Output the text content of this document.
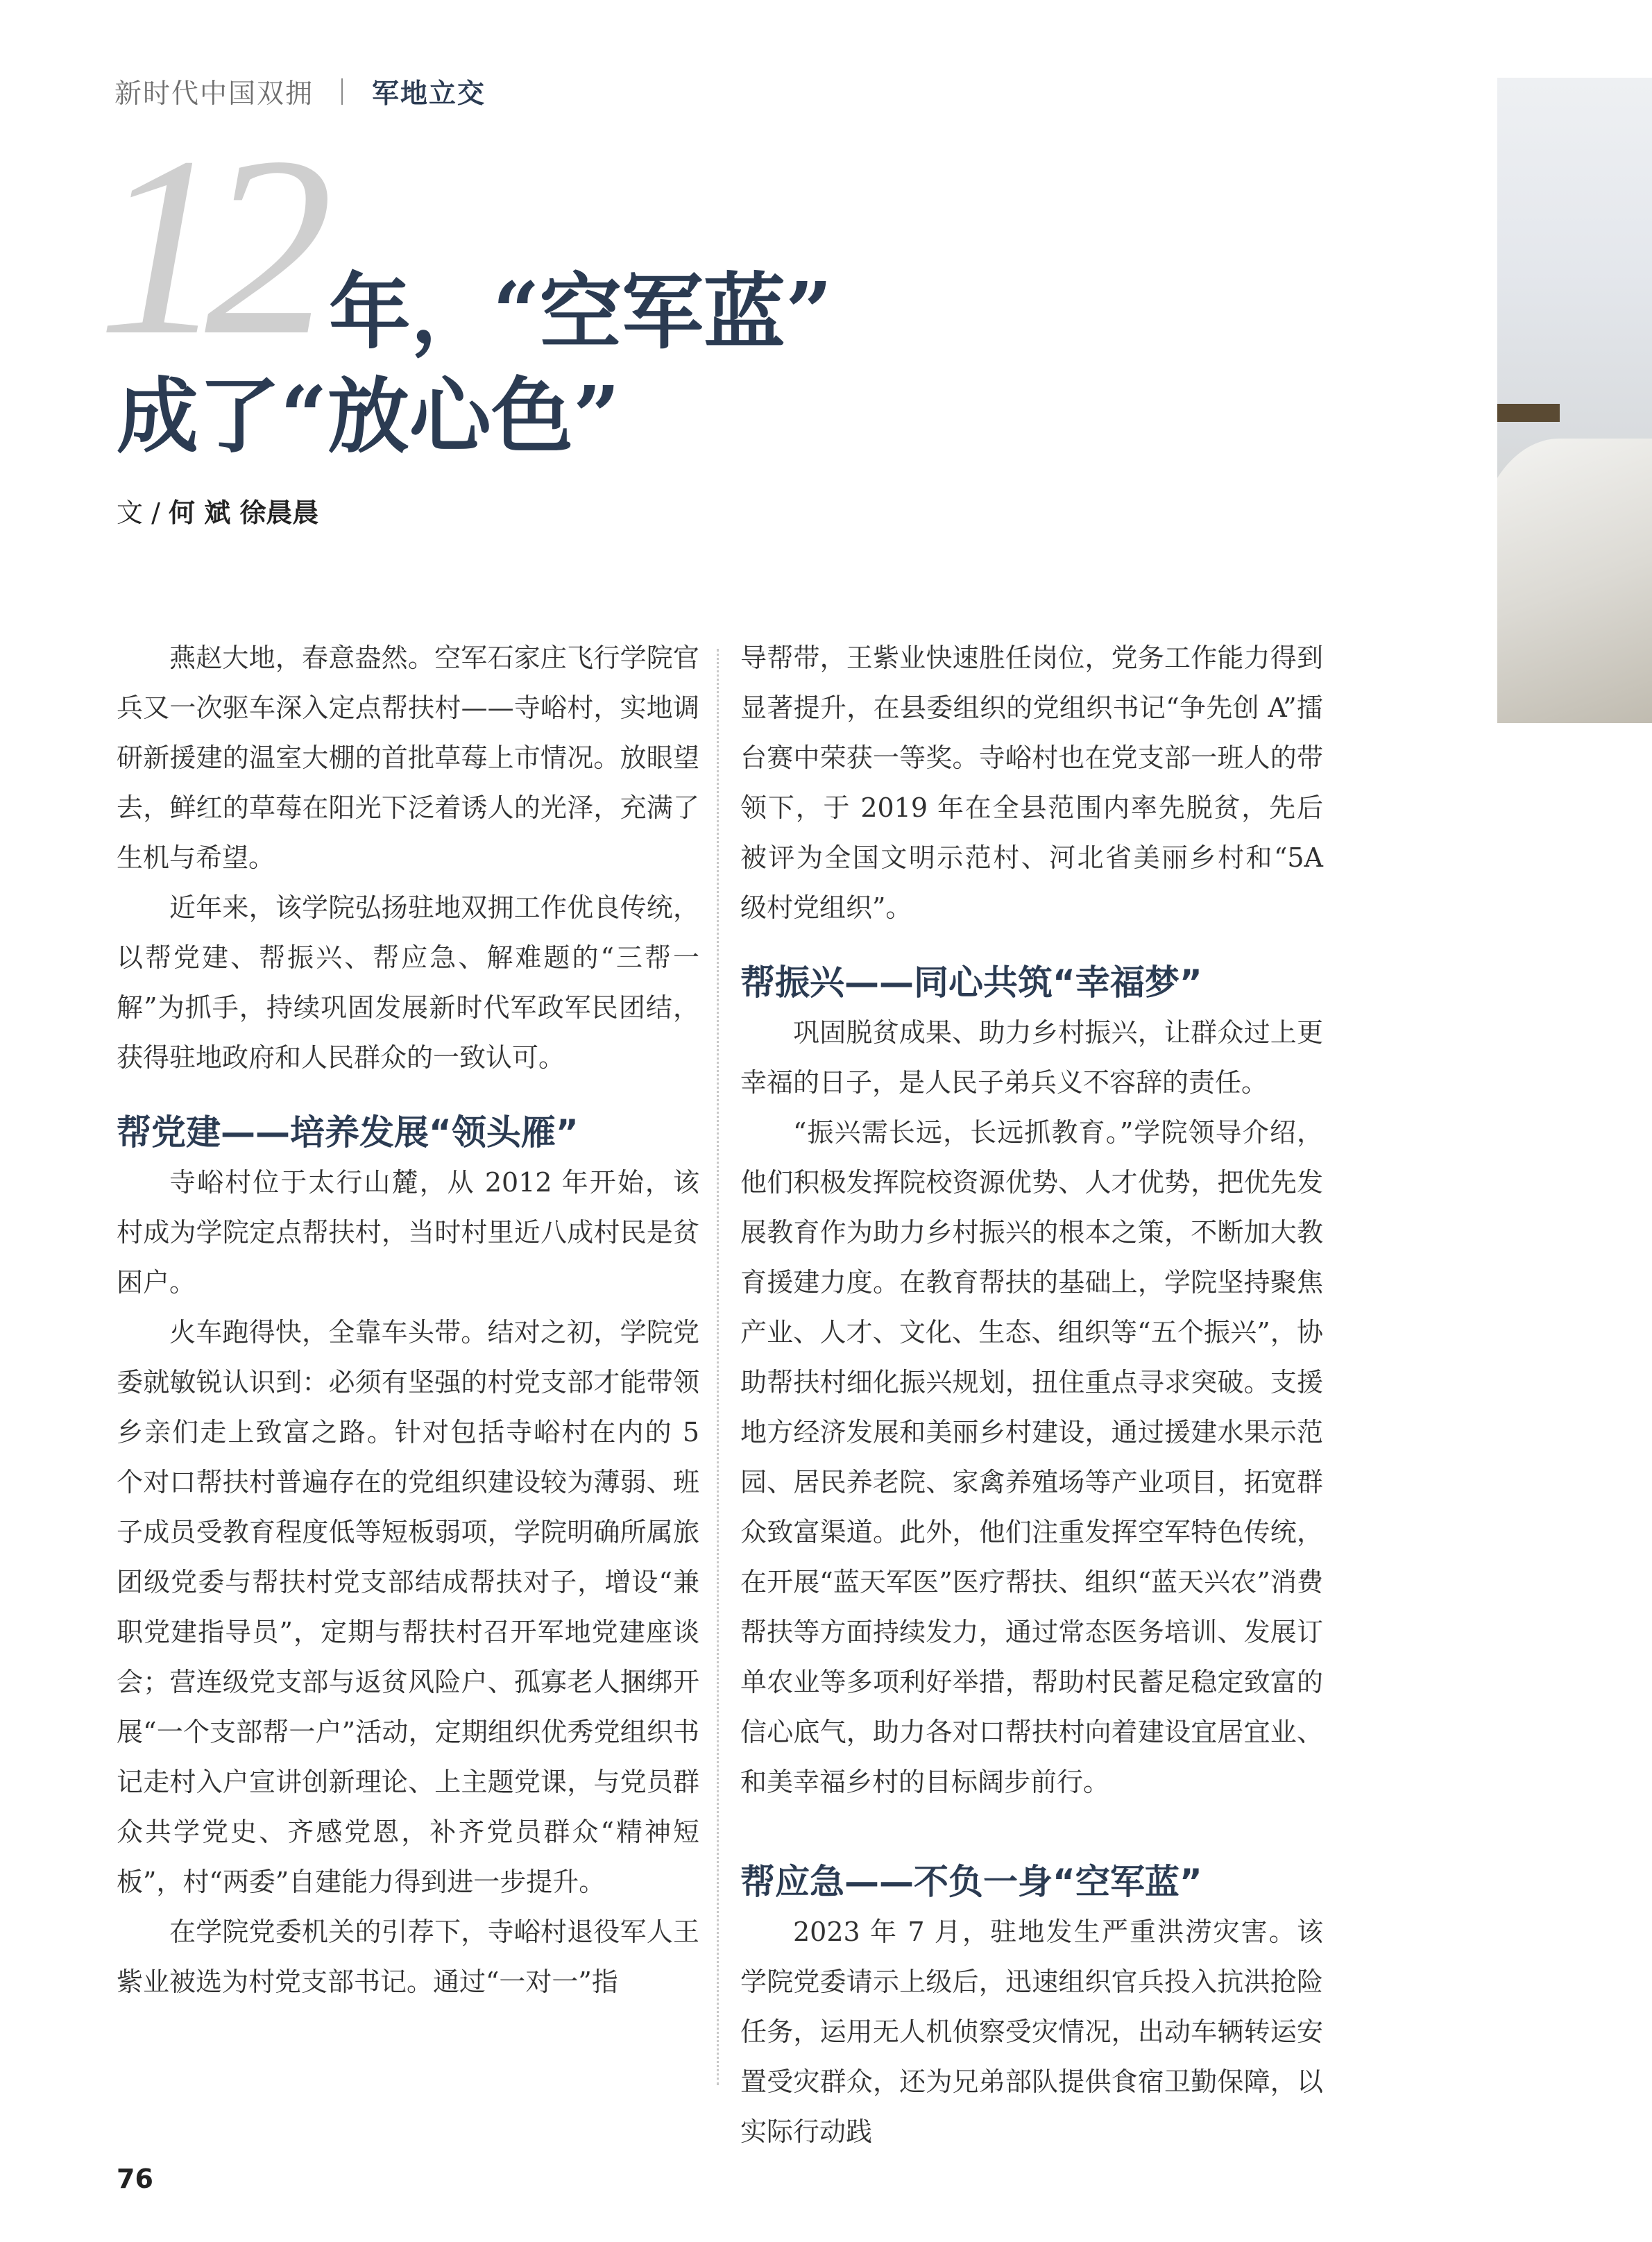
新时代中国双拥 军地立交
12 年，“空军蓝”
成了“放心色”
文 / 何 斌 徐晨晨

燕赵大地，春意盎然。空军石家庄飞行学院官兵又一次驱车深入定点帮扶村——寺峪村，实地调研新援建的温室大棚的首批草莓上市情况。放眼望去，鲜红的草莓在阳光下泛着诱人的光泽，充满了生机与希望。

近年来，该学院弘扬驻地双拥工作优良传统，以帮党建、帮振兴、帮应急、解难题的“三帮一解”为抓手，持续巩固发展新时代军政军民团结，获得驻地政府和人民群众的一致认可。

帮党建——培养发展“领头雁”

寺峪村位于太行山麓，从 2012 年开始，该村成为学院定点帮扶村，当时村里近八成村民是贫困户。

火车跑得快，全靠车头带。结对之初，学院党委就敏锐认识到：必须有坚强的村党支部才能带领乡亲们走上致富之路。针对包括寺峪村在内的 5 个对口帮扶村普遍存在的党组织建设较为薄弱、班子成员受教育程度低等短板弱项，学院明确所属旅团级党委与帮扶村党支部结成帮扶对子，增设“兼职党建指导员”，定期与帮扶村召开军地党建座谈会；营连级党支部与返贫风险户、孤寡老人捆绑开展“一个支部帮一户”活动，定期组织优秀党组织书记走村入户宣讲创新理论、上主题党课，与党员群众共学党史、齐感党恩，补齐党员群众“精神短板”，村“两委”自建能力得到进一步提升。

在学院党委机关的引荐下，寺峪村退役军人王紫业被选为村党支部书记。通过“一对一”指

导帮带，王紫业快速胜任岗位，党务工作能力得到显著提升，在县委组织的党组织书记“争先创 A”擂台赛中荣获一等奖。寺峪村也在党支部一班人的带领下，于 2019 年在全县范围内率先脱贫，先后被评为全国文明示范村、河北省美丽乡村和“5A 级村党组织”。

帮振兴——同心共筑“幸福梦”

巩固脱贫成果、助力乡村振兴，让群众过上更幸福的日子，是人民子弟兵义不容辞的责任。

“振兴需长远，长远抓教育。”学院领导介绍，他们积极发挥院校资源优势、人才优势，把优先发展教育作为助力乡村振兴的根本之策，不断加大教育援建力度。在教育帮扶的基础上，学院坚持聚焦产业、人才、文化、生态、组织等“五个振兴”，协助帮扶村细化振兴规划，扭住重点寻求突破。支援地方经济发展和美丽乡村建设，通过援建水果示范园、居民养老院、家禽养殖场等产业项目，拓宽群众致富渠道。此外，他们注重发挥空军特色传统，在开展“蓝天军医”医疗帮扶、组织“蓝天兴农”消费帮扶等方面持续发力，通过常态医务培训、发展订单农业等多项利好举措，帮助村民蓄足稳定致富的信心底气，助力各对口帮扶村向着建设宜居宜业、和美幸福乡村的目标阔步前行。

帮应急——不负一身“空军蓝”

2023 年 7 月，驻地发生严重洪涝灾害。该学院党委请示上级后，迅速组织官兵投入抗洪抢险任务，运用无人机侦察受灾情况，出动车辆转运安置受灾群众，还为兄弟部队提供食宿卫勤保障，以实际行动践

76
